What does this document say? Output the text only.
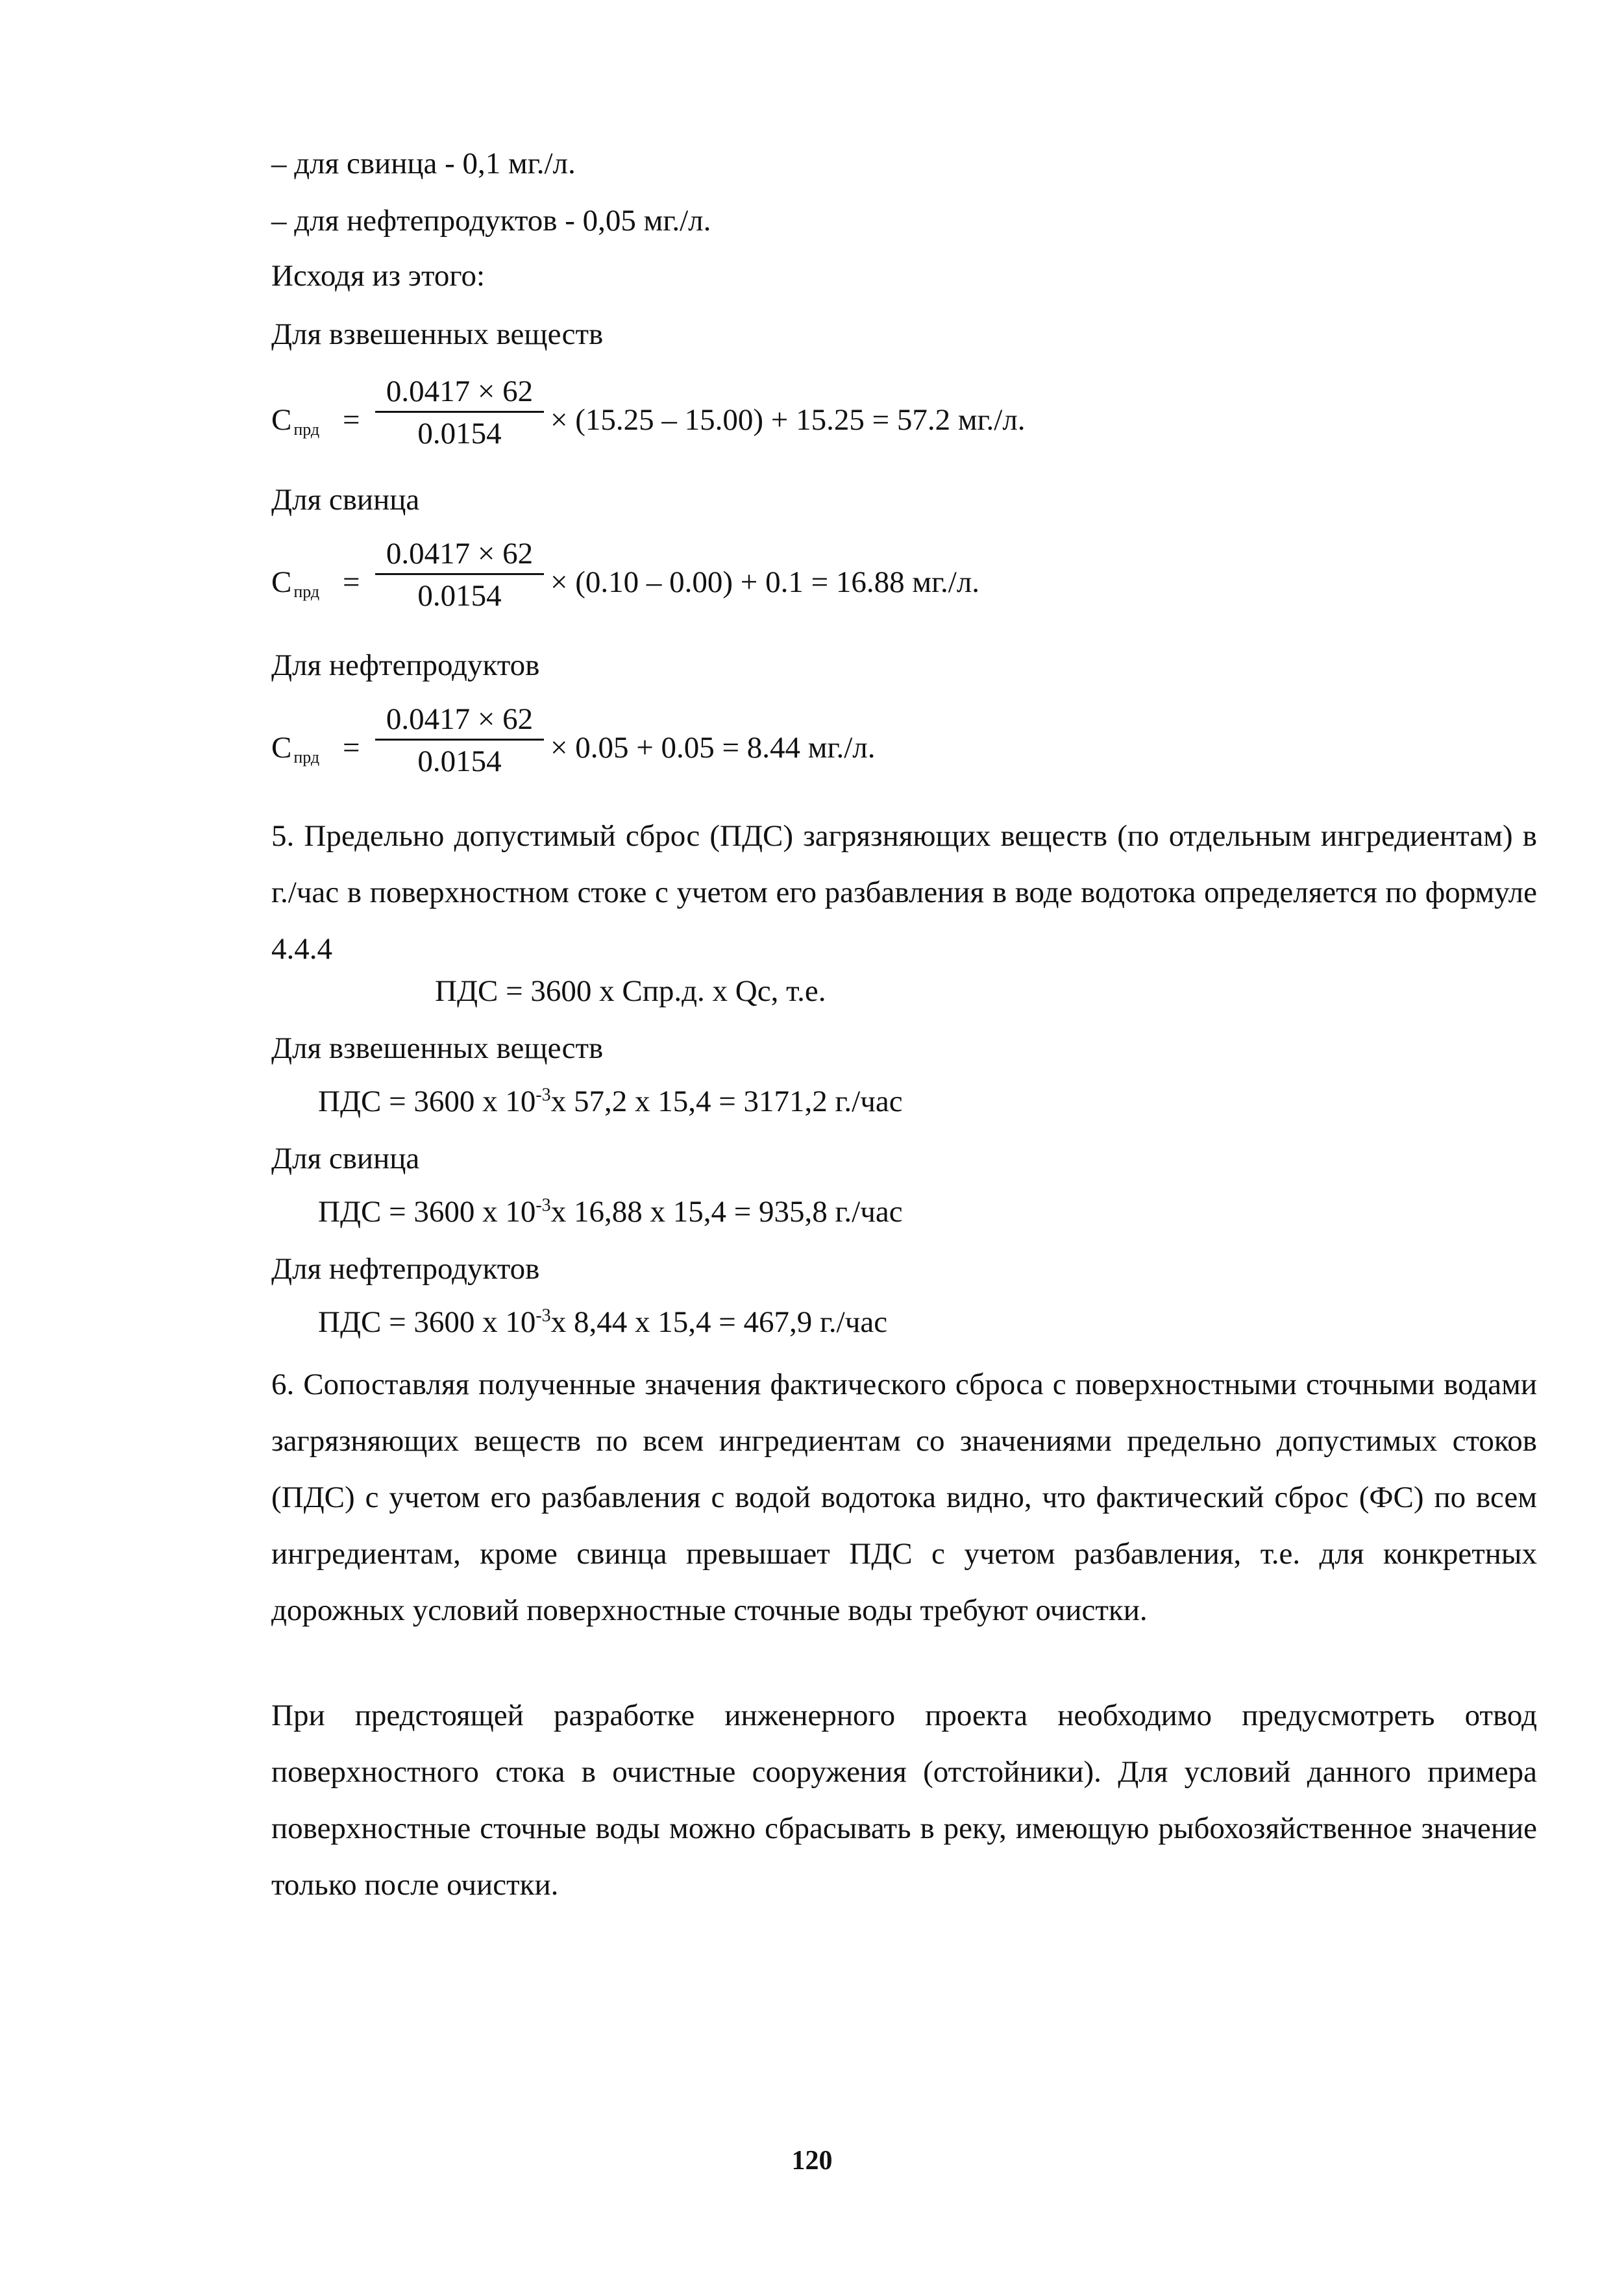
– для свинца - 0,1 мг./л.

– для нефтепродуктов - 0,05 мг./л.

Исходя из этого:

Для взвешенных веществ

C $_{прд}$ =
0.0417 × 62
0.0154	× (15.25 – 15.00) + 15.25 = 57.2 мг./л.

Для свинца

C $_{прд}$ =
0.0417 × 62
0.0154	× (0.10 – 0.00) + 0.1 = 16.88 мг./л.

Для нефтепродуктов

C $_{прд}$ =
0.0417 × 62
0.0154	× 0.05 + 0.05 = 8.44 мг./л.

5. Предельно допустимый сброс (ПДС) загрязняющих веществ (по отдельным ингредиентам) в г./час в поверхностном стоке с учетом его разбавления в воде водотока определяется по формуле 4.4.4

ПДС = 3600 х Спр.д. х Qc, т.е.

Для взвешенных веществ

ПДС = 3600 х $10^{-3}х$ 57,2 х 15,4 = 3171,2 г./час

Для свинца

ПДС = 3600 х $10^{-3}х$ 16,88 х 15,4 = 935,8 г./час

Для нефтепродуктов

ПДС = 3600 х $10^{-3}х$ 8,44 х 15,4 = 467,9 г./час

6. Сопоставляя полученные значения фактического сброса с поверхностными сточными водами загрязняющих веществ по всем ингредиентам со значениями предельно допустимых стоков (ПДС) с учетом его разбавления с водой водотока видно, что фактический сброс (ФС) по всем ингредиентам, кроме свинца превышает ПДС с учетом разбавления, т.е. для конкретных дорожных условий поверхностные сточные воды требуют очистки.

При предстоящей разработке инженерного проекта необходимо предусмотреть отвод поверхностного стока в очистные сооружения (отстойники). Для условий данного примера поверхностные сточные воды можно сбрасывать в реку, имеющую рыбохозяйственное значение только после очистки.

120
